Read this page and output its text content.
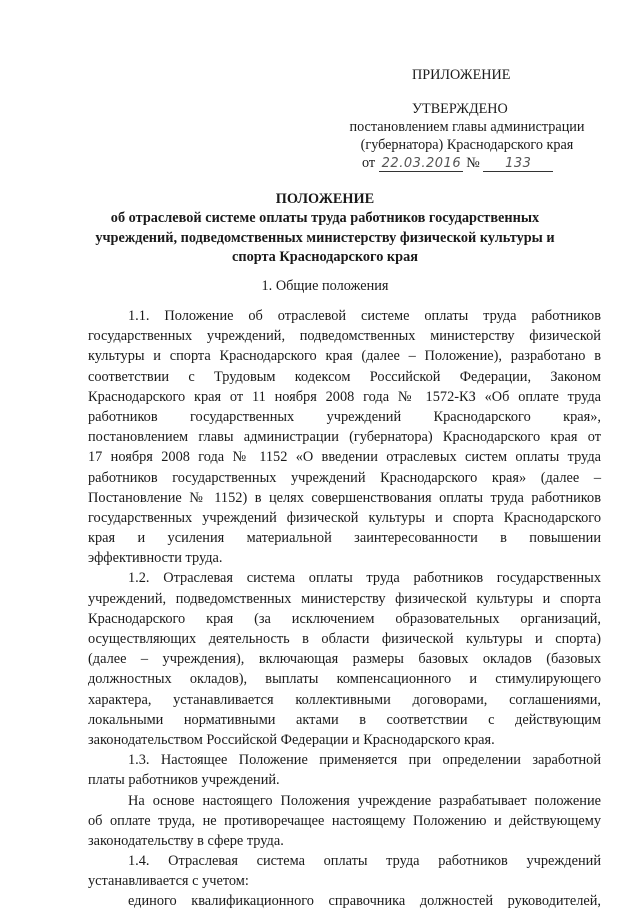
ПРИЛОЖЕНИЕ
УТВЕРЖДЕНО
постановлением главы администрации
(губернатора) Краснодарского края
от 22.03.2016 № 133
ПОЛОЖЕНИЕ
об отраслевой системе оплаты труда работников государственных
учреждений, подведомственных министерству физической культуры и
спорта Краснодарского края
1. Общие положения
1.1. Положение об отраслевой системе оплаты труда работников
государственных учреждений, подведомственных министерству физической
культуры и спорта Краснодарского края (далее – Положение), разработано в
соответствии с Трудовым кодексом Российской Федерации, Законом
Краснодарского края от 11 ноября 2008 года № 1572-КЗ «Об оплате труда
работников государственных учреждений Краснодарского края»,
постановлением главы администрации (губернатора) Краснодарского края от
17 ноября 2008 года № 1152 «О введении отраслевых систем оплаты труда
работников государственных учреждений Краснодарского края» (далее –
Постановление № 1152) в целях совершенствования оплаты труда работников
государственных учреждений физической культуры и спорта Краснодарского
края и усиления материальной заинтересованности в повышении
эффективности труда.
1.2. Отраслевая система оплаты труда работников государственных
учреждений, подведомственных министерству физической культуры и спорта
Краснодарского края (за исключением образовательных организаций,
осуществляющих деятельность в области физической культуры и спорта)
(далее – учреждения), включающая размеры базовых окладов (базовых
должностных окладов), выплаты компенсационного и стимулирующего
характера, устанавливается коллективными договорами, соглашениями,
локальными нормативными актами в соответствии с действующим
законодательством Российской Федерации и Краснодарского края.
1.3. Настоящее Положение применяется при определении заработной
платы работников учреждений.
На основе настоящего Положения учреждение разрабатывает положение
об оплате труда, не противоречащее настоящему Положению и действующему
законодательству в сфере труда.
1.4. Отраслевая система оплаты труда работников учреждений
устанавливается с учетом:
единого квалификационного справочника должностей руководителей,
